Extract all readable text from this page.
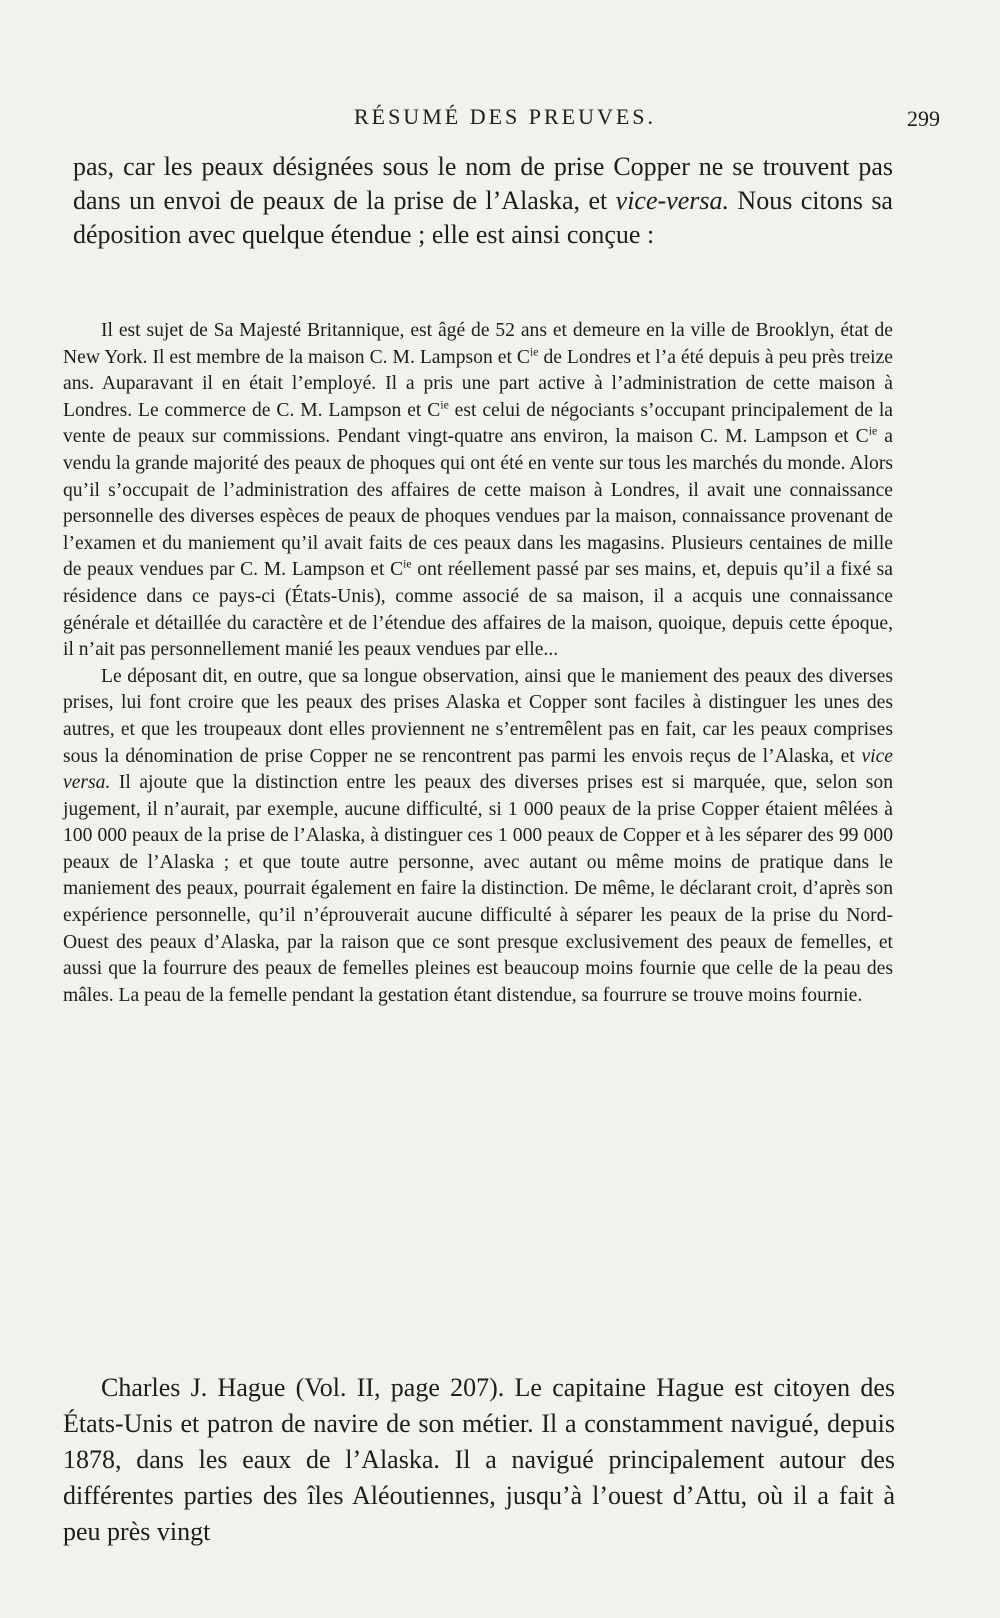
RÉSUMÉ DES PREUVES.	299

pas, car les peaux désignées sous le nom de prise Copper ne se trouvent pas dans un envoi de peaux de la prise de l’Alaska, et vice-versa. Nous citons sa déposition avec quelque étendue ; elle est ainsi conçue :

Il est sujet de Sa Majesté Britannique, est âgé de 52 ans et demeure en la ville de Brooklyn, état de New York. Il est membre de la maison C. M. Lampson et $C^{ie}$ de Londres et l’a été depuis à peu près treize ans. Auparavant il en était l’employé. Il a pris une part active à l’administration de cette maison à Londres. Le commerce de C. M. Lampson et $C^{ie}$ est celui de négociants s’occupant principalement de la vente de peaux sur commissions. Pendant vingt-quatre ans environ, la maison C. M. Lampson et $C^{ie}$ a vendu la grande majorité des peaux de phoques qui ont été en vente sur tous les marchés du monde. Alors qu’il s’occupait de l’administration des affaires de cette maison à Londres, il avait une connaissance personnelle des diverses espèces de peaux de phoques vendues par la maison, connaissance provenant de l’examen et du maniement qu’il avait faits de ces peaux dans les magasins. Plusieurs centaines de mille de peaux vendues par C. M. Lampson et $C^{ie}$ ont réellement passé par ses mains, et, depuis qu’il a fixé sa résidence dans ce pays-ci (États-Unis), comme associé de sa maison, il a acquis une connaissance générale et détaillée du caractère et de l’étendue des affaires de la maison, quoique, depuis cette époque, il n’ait pas personnellement manié les peaux vendues par elle...

Le déposant dit, en outre, que sa longue observation, ainsi que le maniement des peaux des diverses prises, lui font croire que les peaux des prises Alaska et Copper sont faciles à distinguer les unes des autres, et que les troupeaux dont elles proviennent ne s’entremêlent pas en fait, car les peaux comprises sous la dénomination de prise Copper ne se rencontrent pas parmi les envois reçus de l’Alaska, et vice versa. Il ajoute que la distinction entre les peaux des diverses prises est si marquée, que, selon son jugement, il n’aurait, par exemple, aucune difficulté, si 1 000 peaux de la prise Copper étaient mêlées à 100 000 peaux de la prise de l’Alaska, à distinguer ces 1 000 peaux de Copper et à les séparer des 99 000 peaux de l’Alaska ; et que toute autre personne, avec autant ou même moins de pratique dans le maniement des peaux, pourrait également en faire la distinction. De même, le déclarant croit, d’après son expérience personnelle, qu’il n’éprouverait aucune difficulté à séparer les peaux de la prise du Nord-Ouest des peaux d’Alaska, par la raison que ce sont presque exclusivement des peaux de femelles, et aussi que la fourrure des peaux de femelles pleines est beaucoup moins fournie que celle de la peau des mâles. La peau de la femelle pendant la gestation étant distendue, sa fourrure se trouve moins fournie.

Charles J. Hague (Vol. II, page 207). Le capitaine Hague est citoyen des États-Unis et patron de navire de son métier. Il a constamment navigué, depuis 1878, dans les eaux de l’Alaska. Il a navigué principalement autour des différentes parties des îles Aléoutiennes, jusqu’à l’ouest d’Attu, où il a fait à peu près vingt
